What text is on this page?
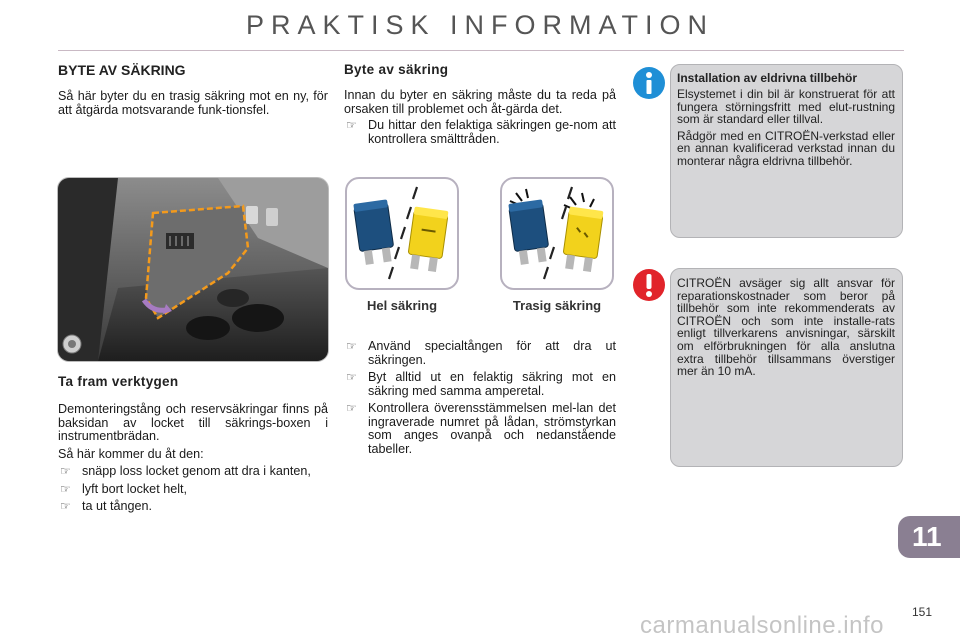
PRAKTISK INFORMATION
BYTE AV SÄKRING

Så här byter du en trasig säkring mot en ny, för att åtgärda motsvarande funk-tionsfel.

Ta fram verktygen

Demonteringstång och reservsäkringar finns på baksidan av locket till säkrings-boxen i instrumentbrädan.

Så här kommer du åt den:

☞ snäpp loss locket genom att dra i kanten,
☞ lyft bort locket helt,
☞ ta ut tången.
Byte av säkring

Innan du byter en säkring måste du ta reda på orsaken till problemet och åt-gärda det.

☞ Du hittar den felaktiga säkringen ge-nom att kontrollera smälttråden.
Hel säkring	Trasig säkring
☞ Använd specialtången för att dra ut säkringen.
☞ Byt alltid ut en felaktig säkring mot en säkring med samma amperetal.
☞ Kontrollera överensstämmelsen mel-lan det ingraverade numret på lådan, strömstyrkan som anges ovanpå och nedanstående tabeller.
Installation av eldrivna tillbehör

Elsystemet i din bil är konstruerat för att fungera störningsfritt med elut-rustning som är standard eller tillval.

Rådgör med en CITROËN-verkstad eller en annan kvalificerad verkstad innan du monterar några eldrivna tillbehör.

CITROËN avsäger sig allt ansvar för reparationskostnader som beror på tillbehör som inte rekommenderats av CITROËN och som inte installe-rats enligt tillverkarens anvisningar, särskilt om elförbrukningen för alla anslutna extra tillbehör tillsammans överstiger mer än 10 mA.

11
151
carmanualsonline.info
